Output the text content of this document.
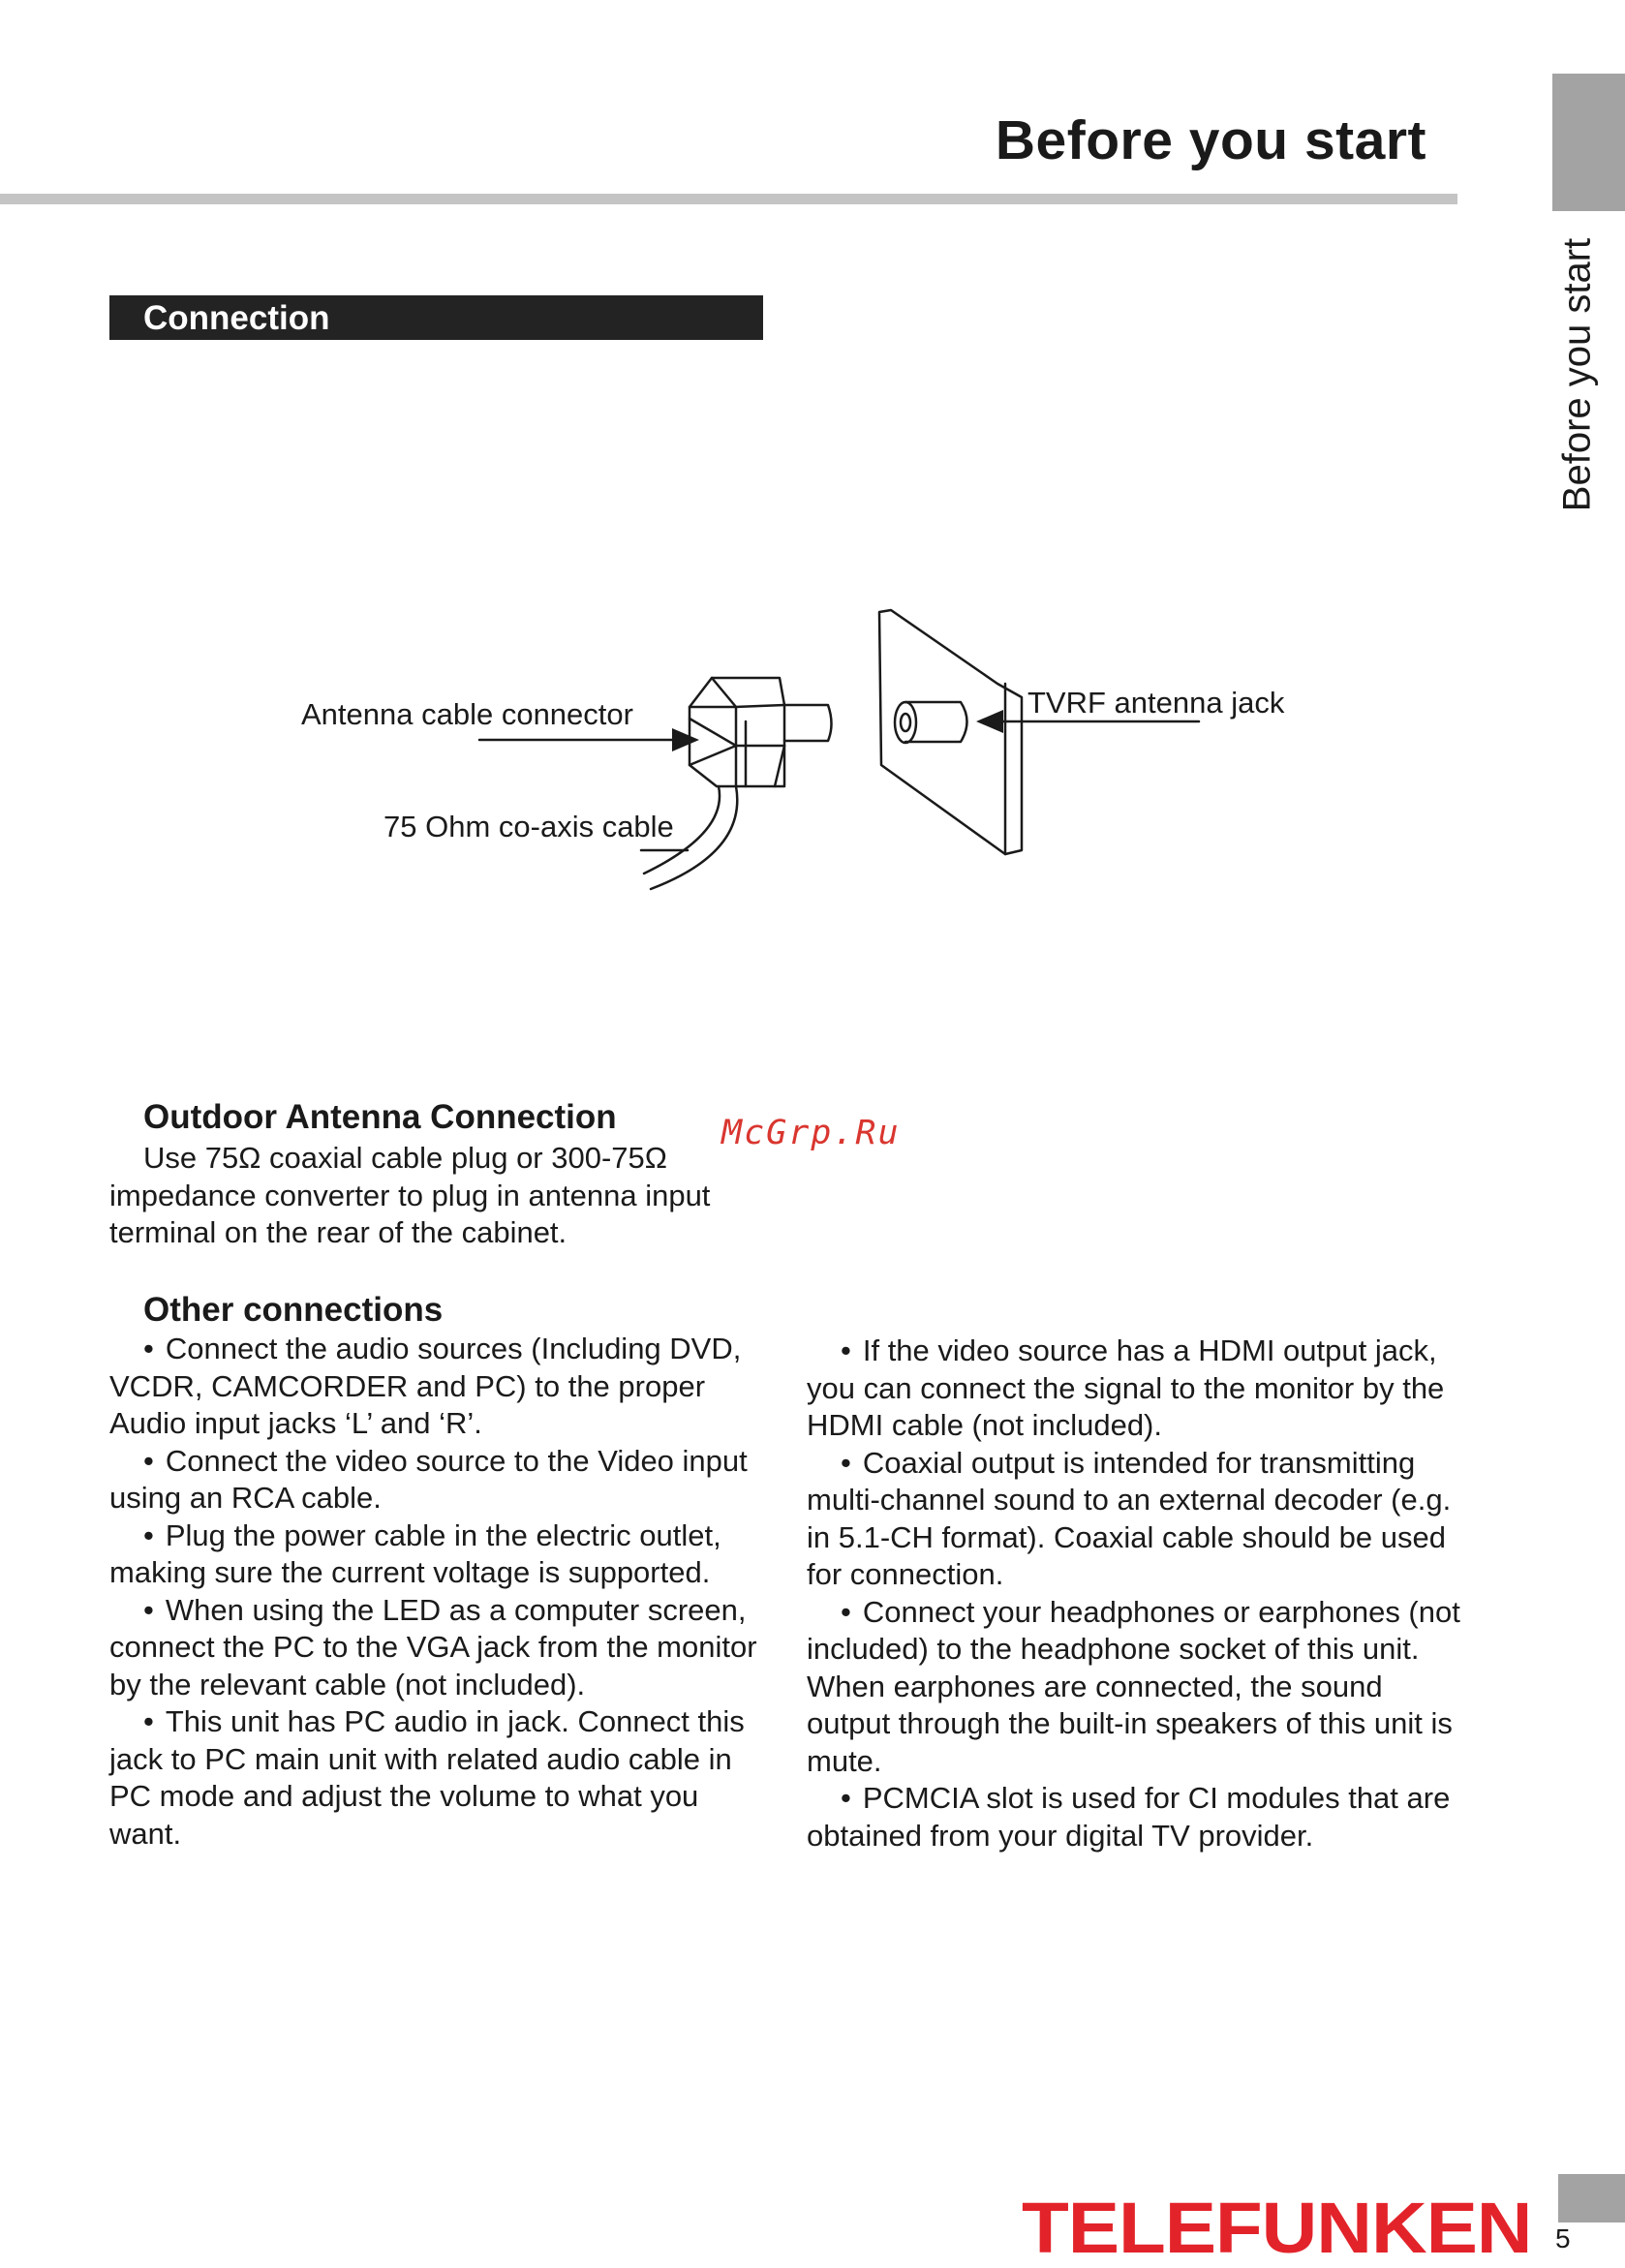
Before you start
Before you start
Connection
Antenna cable connector
75 Ohm co-axis cable
TVRF antenna jack
McGrp.Ru
Outdoor Antenna Connection

Use 75Ω coaxial cable plug or 300-75Ω impedance converter to plug in antenna input terminal on the rear of the cabinet.

Other connections

• Connect the audio sources (Including DVD, VCDR, CAMCORDER and PC) to the proper Audio input jacks ‘L’ and ‘R’.

• Connect the video source to the Video input using an RCA cable.

• Plug the power cable in the electric outlet, making sure the current voltage is supported.

• When using the LED as a computer screen, connect the PC to the VGA jack from the monitor by the relevant cable (not included).

• This unit has PC audio in jack. Connect this jack to PC main unit with related audio cable in PC mode and adjust the volume to what you want.

• If the video source has a HDMI output jack, you can connect the signal to the monitor by the HDMI cable (not included).

• Coaxial output is intended for transmitting multi-channel sound to an external decoder (e.g. in 5.1-CH format). Coaxial cable should be used for connection.

• Connect your headphones or earphones (not included) to the headphone socket of this unit. When earphones are connected, the sound output through the built-in speakers of this unit is mute.

• PCMCIA slot is used for CI modules that are obtained from your digital TV provider.

TELEFUNKEN 5
